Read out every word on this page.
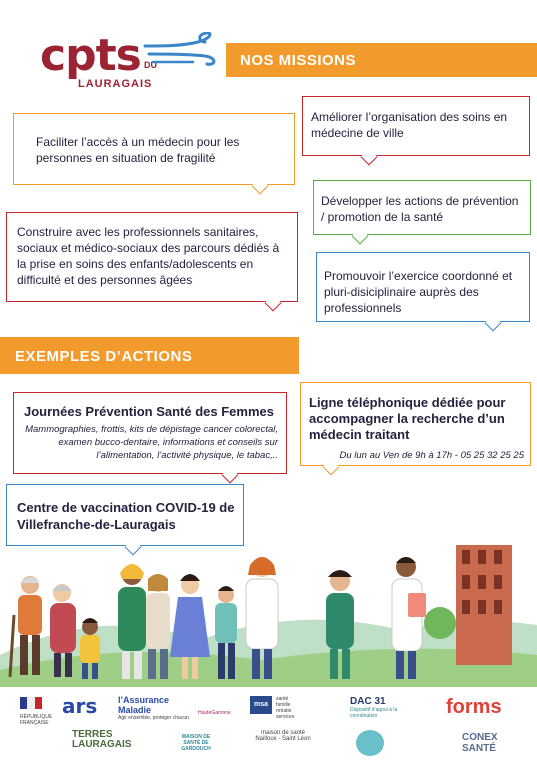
cpts DU
LAURAGAIS
NOS MISSIONS
Faciliter l’accès à un médecin pour les personnes en situation de fragilité
Améliorer l’organisation des soins en médecine de ville
Développer les actions de prévention / promotion de la santé
Construire avec les professionnels sanitaires, sociaux et médico-sociaux des parcours dédiés à la prise en soins des enfants/adolescents en difficulté et des personnes âgées	Promouvoir l’exercice coordonné et pluri-disiciplinaire auprès des professionnels
EXEMPLES D’ACTIONS
Journées Prévention Santé des Femmes
Mammographies, frottis, kits de dépistage cancer colorectal, examen bucco-dentaire, informations et conseils sur l’alimentation, l’activité physique, le tabac,..
Ligne téléphonique dédiée pour accompagner la recherche d’un médecin traitant
Du lun au Ven de 9h à 17h - 05 25 32 25 25
Centre de vaccination COVID-19 de Villefranche-de-Lauragais
RÉPUBLIQUE FRANÇAISE
ars l’Assurance
Maladie
Agir ensemble, protéger chacun
HauteGaronne
msa
santé famille retraite services
DAC 31
Dispositif d’appui à la coordination	forms
TERRES
LAURAGAIS
MAISON DE SANTÉ DE GARDOUCH
maison de santé
Nailloux - Saint Léon	CONEX
SANTÉ
